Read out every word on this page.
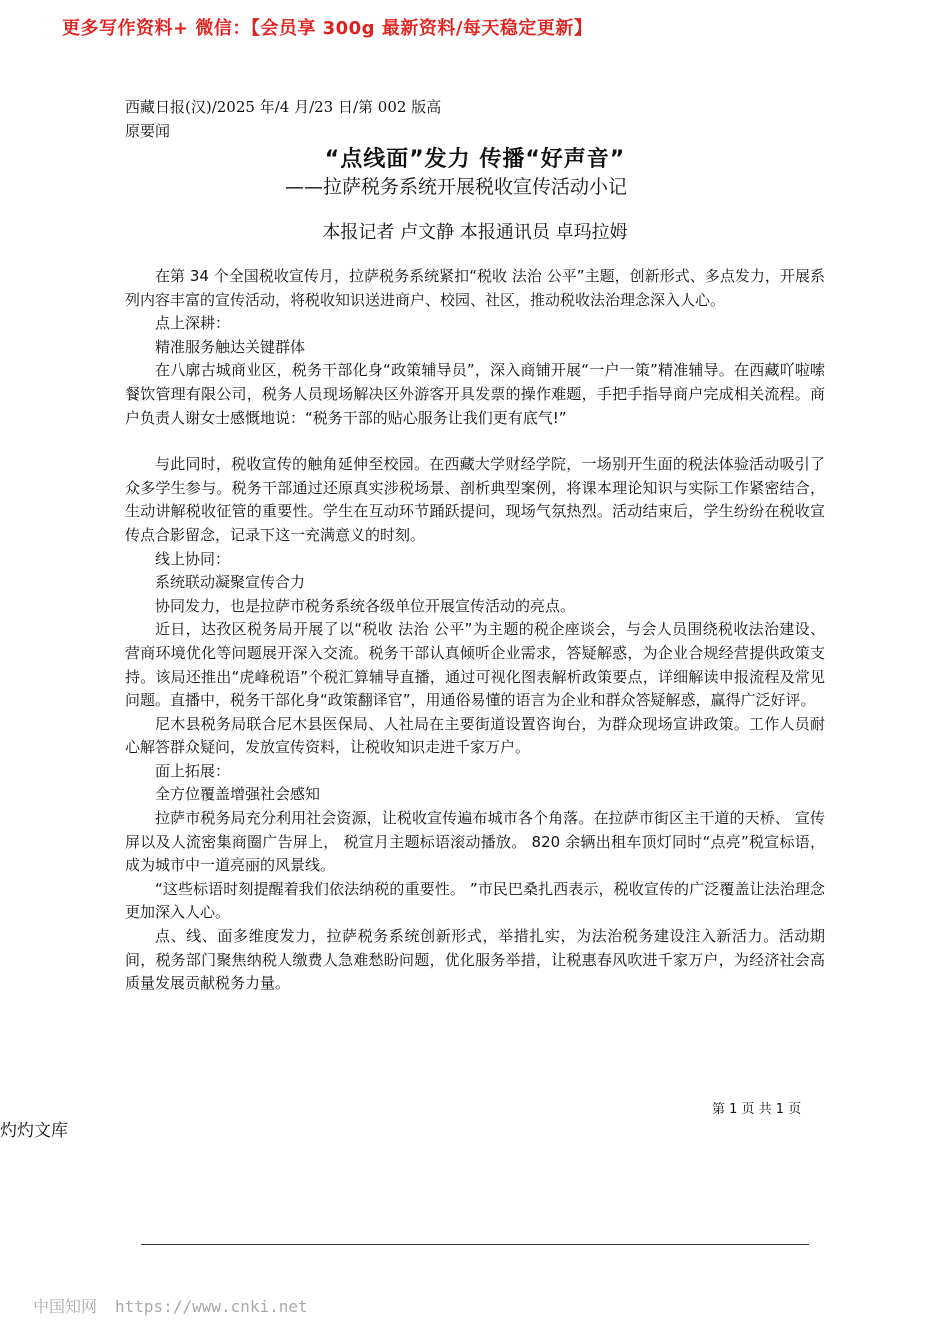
更多写作资料+ 微信：【会员享 300g 最新资料/每天稳定更新】
西藏日报(汉)/2025 年/4 月/23 日/第 002 版高原要闻
“点线面”发力 传播“好声音”
——拉萨税务系统开展税收宣传活动小记
本报记者 卢文静 本报通讯员 卓玛拉姆

在第 34 个全国税收宣传月，拉萨税务系统紧扣“税收 法治 公平”主题，创新形式、多点发力，开展系列内容丰富的宣传活动，将税收知识送进商户、校园、社区，推动税收法治理念深入人心。

点上深耕：

精准服务触达关键群体

在八廓古城商业区，税务干部化身“政策辅导员”，深入商铺开展“一户一策”精准辅导。在西藏吖啦嗦餐饮管理有限公司，税务人员现场解决区外游客开具发票的操作难题，手把手指导商户完成相关流程。商户负责人谢女士感慨地说：“税务干部的贴心服务让我们更有底气!”

与此同时，税收宣传的触角延伸至校园。在西藏大学财经学院，一场别开生面的税法体验活动吸引了众多学生参与。税务干部通过还原真实涉税场景、剖析典型案例，将课本理论知识与实际工作紧密结合，生动讲解税收征管的重要性。学生在互动环节踊跃提问，现场气氛热烈。活动结束后，学生纷纷在税收宣传点合影留念，记录下这一充满意义的时刻。

线上协同：

系统联动凝聚宣传合力

协同发力，也是拉萨市税务系统各级单位开展宣传活动的亮点。

近日，达孜区税务局开展了以“税收 法治 公平”为主题的税企座谈会，与会人员围绕税收法治建设、营商环境优化等问题展开深入交流。税务干部认真倾听企业需求，答疑解惑，为企业合规经营提供政策支持。该局还推出“虎峰税语”个税汇算辅导直播，通过可视化图表解析政策要点，详细解读申报流程及常见问题。直播中，税务干部化身“政策翻译官”，用通俗易懂的语言为企业和群众答疑解惑，赢得广泛好评。

尼木县税务局联合尼木县医保局、人社局在主要街道设置咨询台，为群众现场宣讲政策。工作人员耐心解答群众疑问，发放宣传资料，让税收知识走进千家万户。

面上拓展：

全方位覆盖增强社会感知

拉萨市税务局充分利用社会资源，让税收宣传遍布城市各个角落。在拉萨市街区主干道的天桥、 宣传屏以及人流密集商圈广告屏上， 税宣月主题标语滚动播放。 820 余辆出租车顶灯同时“点亮”税宣标语，成为城市中一道亮丽的风景线。

“这些标语时刻提醒着我们依法纳税的重要性。 ”市民巴桑扎西表示，税收宣传的广泛覆盖让法治理念更加深入人心。

点、线、面多维度发力，拉萨税务系统创新形式，举措扎实，为法治税务建设注入新活力。活动期间，税务部门聚焦纳税人缴费人急难愁盼问题，优化服务举措，让税惠春风吹进千家万户，为经济社会高质量发展贡献税务力量。

第 1 页 共 1 页
灼灼文库
中国知网 https://www.cnki.net
